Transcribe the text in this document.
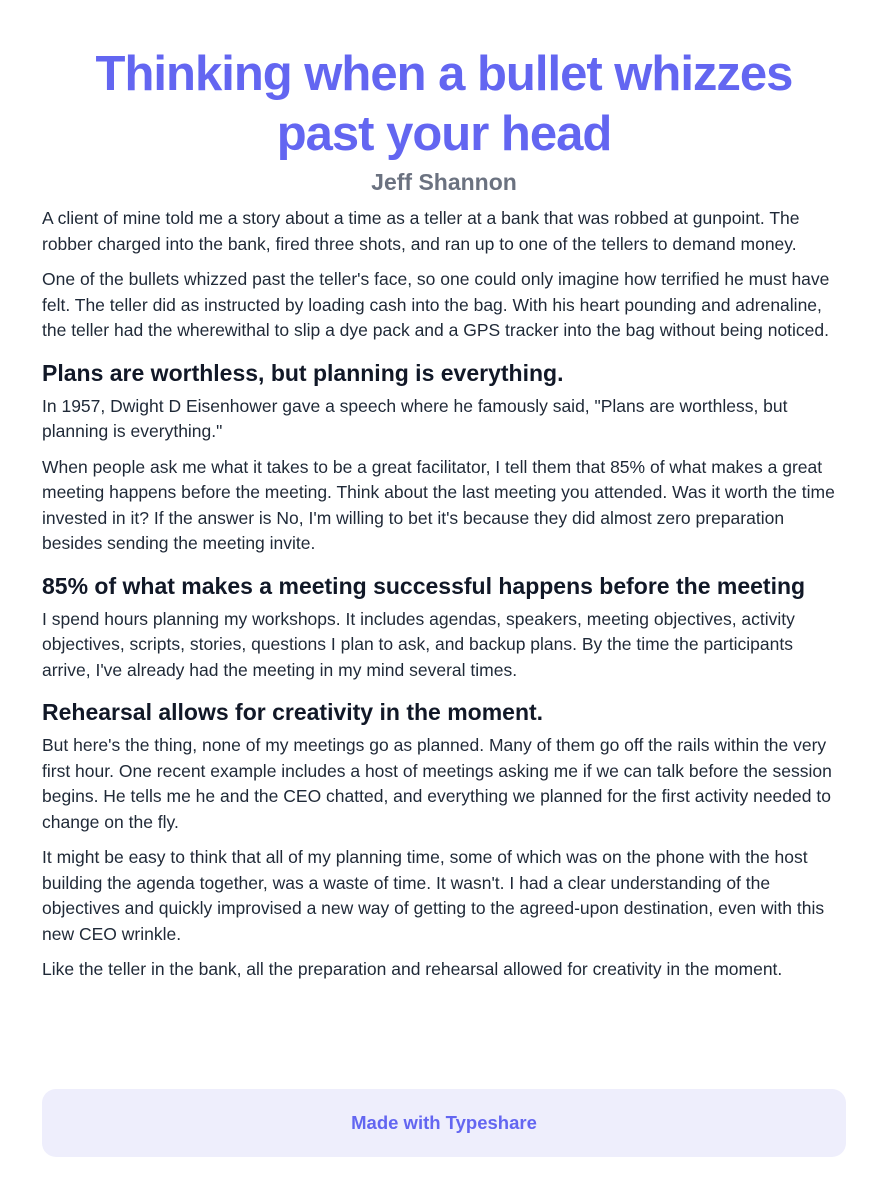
Thinking when a bullet whizzes past your head
Jeff Shannon

A client of mine told me a story about a time as a teller at a bank that was robbed at gunpoint. The robber charged into the bank, fired three shots, and ran up to one of the tellers to demand money.

One of the bullets whizzed past the teller's face, so one could only imagine how terrified he must have felt. The teller did as instructed by loading cash into the bag. With his heart pounding and adrenaline, the teller had the wherewithal to slip a dye pack and a GPS tracker into the bag without being noticed.

Plans are worthless, but planning is everything.

In 1957, Dwight D Eisenhower gave a speech where he famously said, "Plans are worthless, but planning is everything."

When people ask me what it takes to be a great facilitator, I tell them that 85% of what makes a great meeting happens before the meeting. Think about the last meeting you attended. Was it worth the time invested in it? If the answer is No, I'm willing to bet it's because they did almost zero preparation besides sending the meeting invite.

85% of what makes a meeting successful happens before the meeting

I spend hours planning my workshops. It includes agendas, speakers, meeting objectives, activity objectives, scripts, stories, questions I plan to ask, and backup plans. By the time the participants arrive, I've already had the meeting in my mind several times.

Rehearsal allows for creativity in the moment.

But here's the thing, none of my meetings go as planned. Many of them go off the rails within the very first hour. One recent example includes a host of meetings asking me if we can talk before the session begins. He tells me he and the CEO chatted, and everything we planned for the first activity needed to change on the fly.

It might be easy to think that all of my planning time, some of which was on the phone with the host building the agenda together, was a waste of time. It wasn't. I had a clear understanding of the objectives and quickly improvised a new way of getting to the agreed-upon destination, even with this new CEO wrinkle.

Like the teller in the bank, all the preparation and rehearsal allowed for creativity in the moment.

Made with Typeshare
